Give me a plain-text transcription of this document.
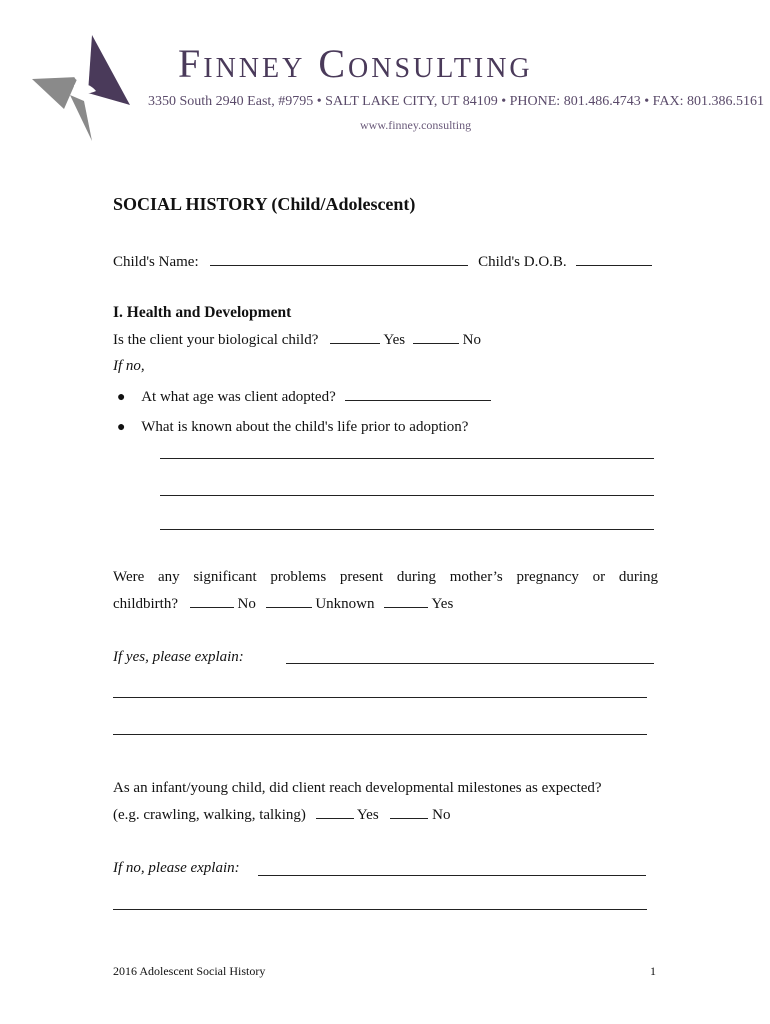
Finney Consulting
3350 South 2940 East, #9795 • SALT LAKE CITY, UT 84109 • PHONE: 801.486.4743 • FAX: 801.386.5161
www.finney.consulting
SOCIAL HISTORY (Child/Adolescent)
Child's Name:	Child's D.O.B.
I. Health and Development
Is the client your biological child?	Yes	No
If no,
● At what age was client adopted?
● What is known about the child's life prior to adoption?
Were any significant problems present during mother’s pregnancy or during
childbirth?	No	Unknown	Yes
If yes, please explain:
As an infant/young child, did client reach developmental milestones as expected?
(e.g. crawling, walking, talking)	Yes	No
If no, please explain:
2016 Adolescent Social History	1
